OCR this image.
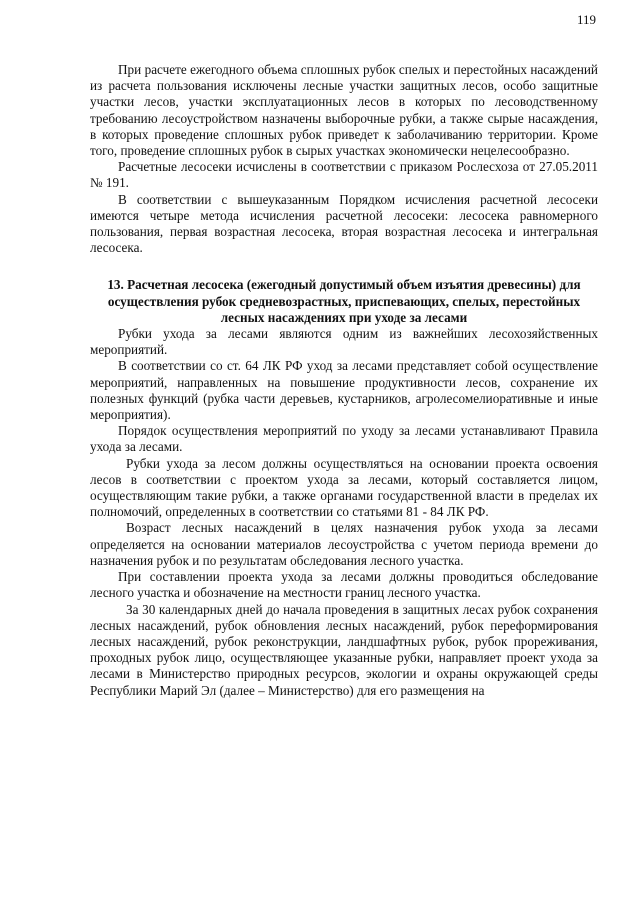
119

При расчете ежегодного объема сплошных рубок спелых и перестойных насаждений из расчета пользования исключены лесные участки защитных лесов, особо защитные участки лесов, участки эксплуатационных лесов в которых по лесоводственному требованию лесоустройством назначены выборочные рубки, а также сырые насаждения, в которых проведение сплошных рубок приведет к заболачиванию территории. Кроме того, проведение сплошных рубок в сырых участках экономически нецелесообразно.

Расчетные лесосеки исчислены в соответствии с приказом Рослесхоза от 27.05.2011 № 191.

В соответствии с вышеуказанным Порядком исчисления расчетной лесосеки имеются четыре метода исчисления расчетной лесосеки: лесосека равномерного пользования, первая возрастная лесосека, вторая возрастная лесосека и интегральная лесосека.

13. Расчетная лесосека (ежегодный допустимый объем изъятия древесины) для осуществления рубок средневозрастных, приспевающих, спелых, перестойных лесных насаждениях при уходе за лесами

Рубки ухода за лесами являются одним из важнейших лесохозяйственных мероприятий.

В соответствии со ст. 64 ЛК РФ уход за лесами представляет собой осуществление мероприятий, направленных на повышение продуктивности лесов, сохранение их полезных функций (рубка части деревьев, кустарников, агролесомелиоративные и иные мероприятия).

Порядок осуществления мероприятий по уходу за лесами устанавливают Правила ухода за лесами.

Рубки ухода за лесом должны осуществляться на основании проекта освоения лесов в соответствии с проектом ухода за лесами, который составляется лицом, осуществляющим такие рубки, а также органами государственной власти в пределах их полномочий, определенных в соответствии со статьями 81 - 84 ЛК РФ.

Возраст лесных насаждений в целях назначения рубок ухода за лесами определяется на основании материалов лесоустройства с учетом периода времени до назначения рубок и по результатам обследования лесного участка.

При составлении проекта ухода за лесами должны проводиться обследование лесного участка и обозначение на местности границ лесного участка.

За 30 календарных дней до начала проведения в защитных лесах рубок сохранения лесных насаждений, рубок обновления лесных насаждений, рубок переформирования лесных насаждений, рубок реконструкции, ландшафтных рубок, рубок прореживания, проходных рубок лицо, осуществляющее указанные рубки, направляет проект ухода за лесами в Министерство природных ресурсов, экологии и охраны окружающей среды Республики Марий Эл (далее – Министерство) для его размещения на
